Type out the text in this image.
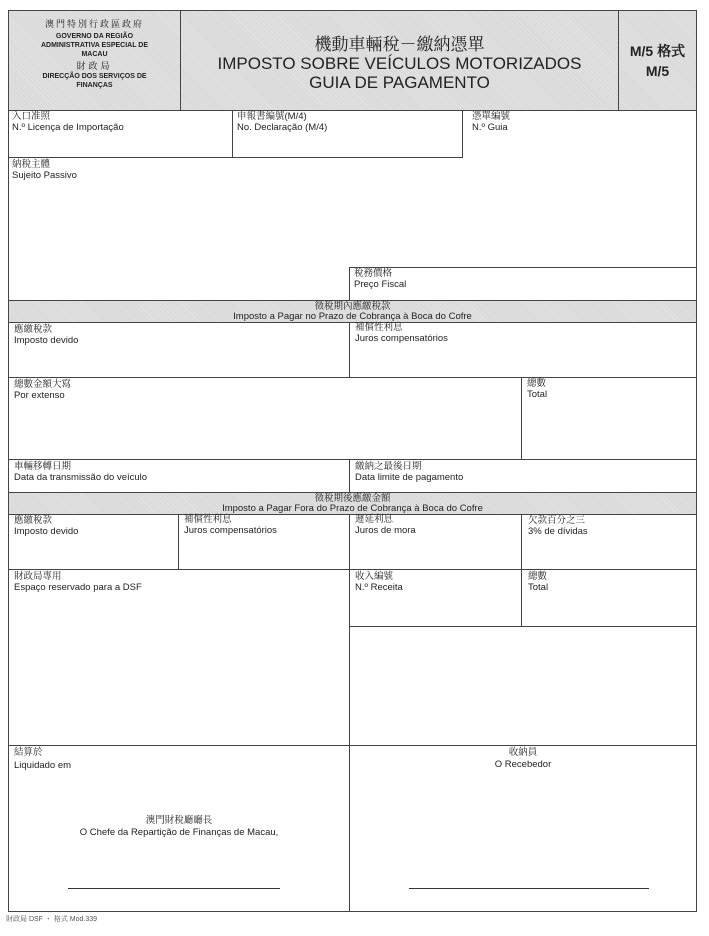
澳門特別行政區政府
GOVERNO DA REGIÃO ADMINISTRATIVA ESPECIAL DE MACAU
財政局
DIRECÇÃO DOS SERVIÇOS DE FINANÇAS
機動車輛稅－繳納憑單
IMPOSTO SOBRE VEÍCULOS MOTORIZADOS
GUIA DE PAGAMENTO
M/5 格式
M/5
入口准照
N.º Licença de Importação
申報書編號(M/4)
No. Declaração (M/4)
憑單編號
N.º Guia
納稅主體
Sujeito Passivo
稅務價格
Preço Fiscal
徵稅期內應繳稅款
Imposto a Pagar no Prazo de Cobrança à Boca do Cofre
應繳稅款
Imposto devido
補償性利息
Juros compensatórios
總數金額大寫
Por extenso
總數
Total
車輛移轉日期
Data da transmissão do veículo
繳納之最後日期
Data limite de pagamento
徵稅期後應繳金額
Imposto a Pagar Fora do Prazo de Cobrança à Boca do Cofre
應繳稅款
Imposto devido
補償性利息
Juros compensatórios
遲延利息
Juros de mora
欠款百分之三
3% de dívidas
財政局專用
Espaço reservado para a DSF
收入編號
N.º Receita
總數
Total
結算於
Liquidado em
收納員
O Recebedor
澳門財稅廳廳長
O Chefe da Repartição de Finanças de Macau,
財政局 DSF ・ 格式 Mod.339
